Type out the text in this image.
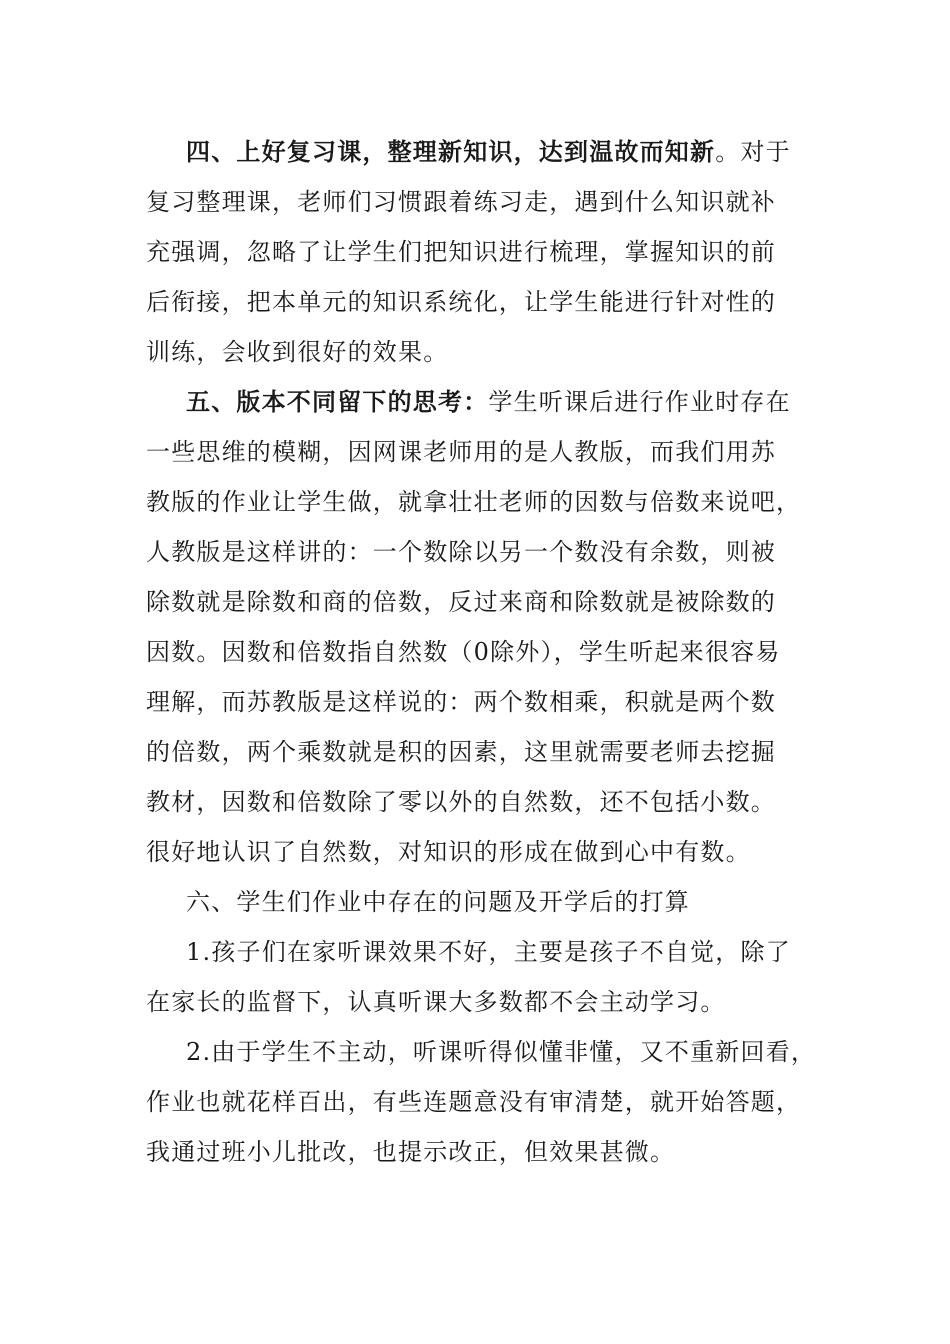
四、上好复习课，整理新知识，达到温故而知新。对于
复习整理课，老师们习惯跟着练习走，遇到什么知识就补
充强调，忽略了让学生们把知识进行梳理，掌握知识的前
后衔接，把本单元的知识系统化，让学生能进行针对性的
训练，会收到很好的效果。
五、版本不同留下的思考：学生听课后进行作业时存在
一些思维的模糊，因网课老师用的是人教版，而我们用苏
教版的作业让学生做，就拿壮壮老师的因数与倍数来说吧，
人教版是这样讲的：一个数除以另一个数没有余数，则被
除数就是除数和商的倍数，反过来商和除数就是被除数的
因数。因数和倍数指自然数（0除外），学生听起来很容易
理解，而苏教版是这样说的：两个数相乘，积就是两个数
的倍数，两个乘数就是积的因素，这里就需要老师去挖掘
教材，因数和倍数除了零以外的自然数，还不包括小数。
很好地认识了自然数，对知识的形成在做到心中有数。
六、学生们作业中存在的问题及开学后的打算
1.孩子们在家听课效果不好，主要是孩子不自觉，除了
在家长的监督下，认真听课大多数都不会主动学习。
2.由于学生不主动，听课听得似懂非懂，又不重新回看，
作业也就花样百出，有些连题意没有审清楚，就开始答题，
我通过班小儿批改，也提示改正，但效果甚微。
